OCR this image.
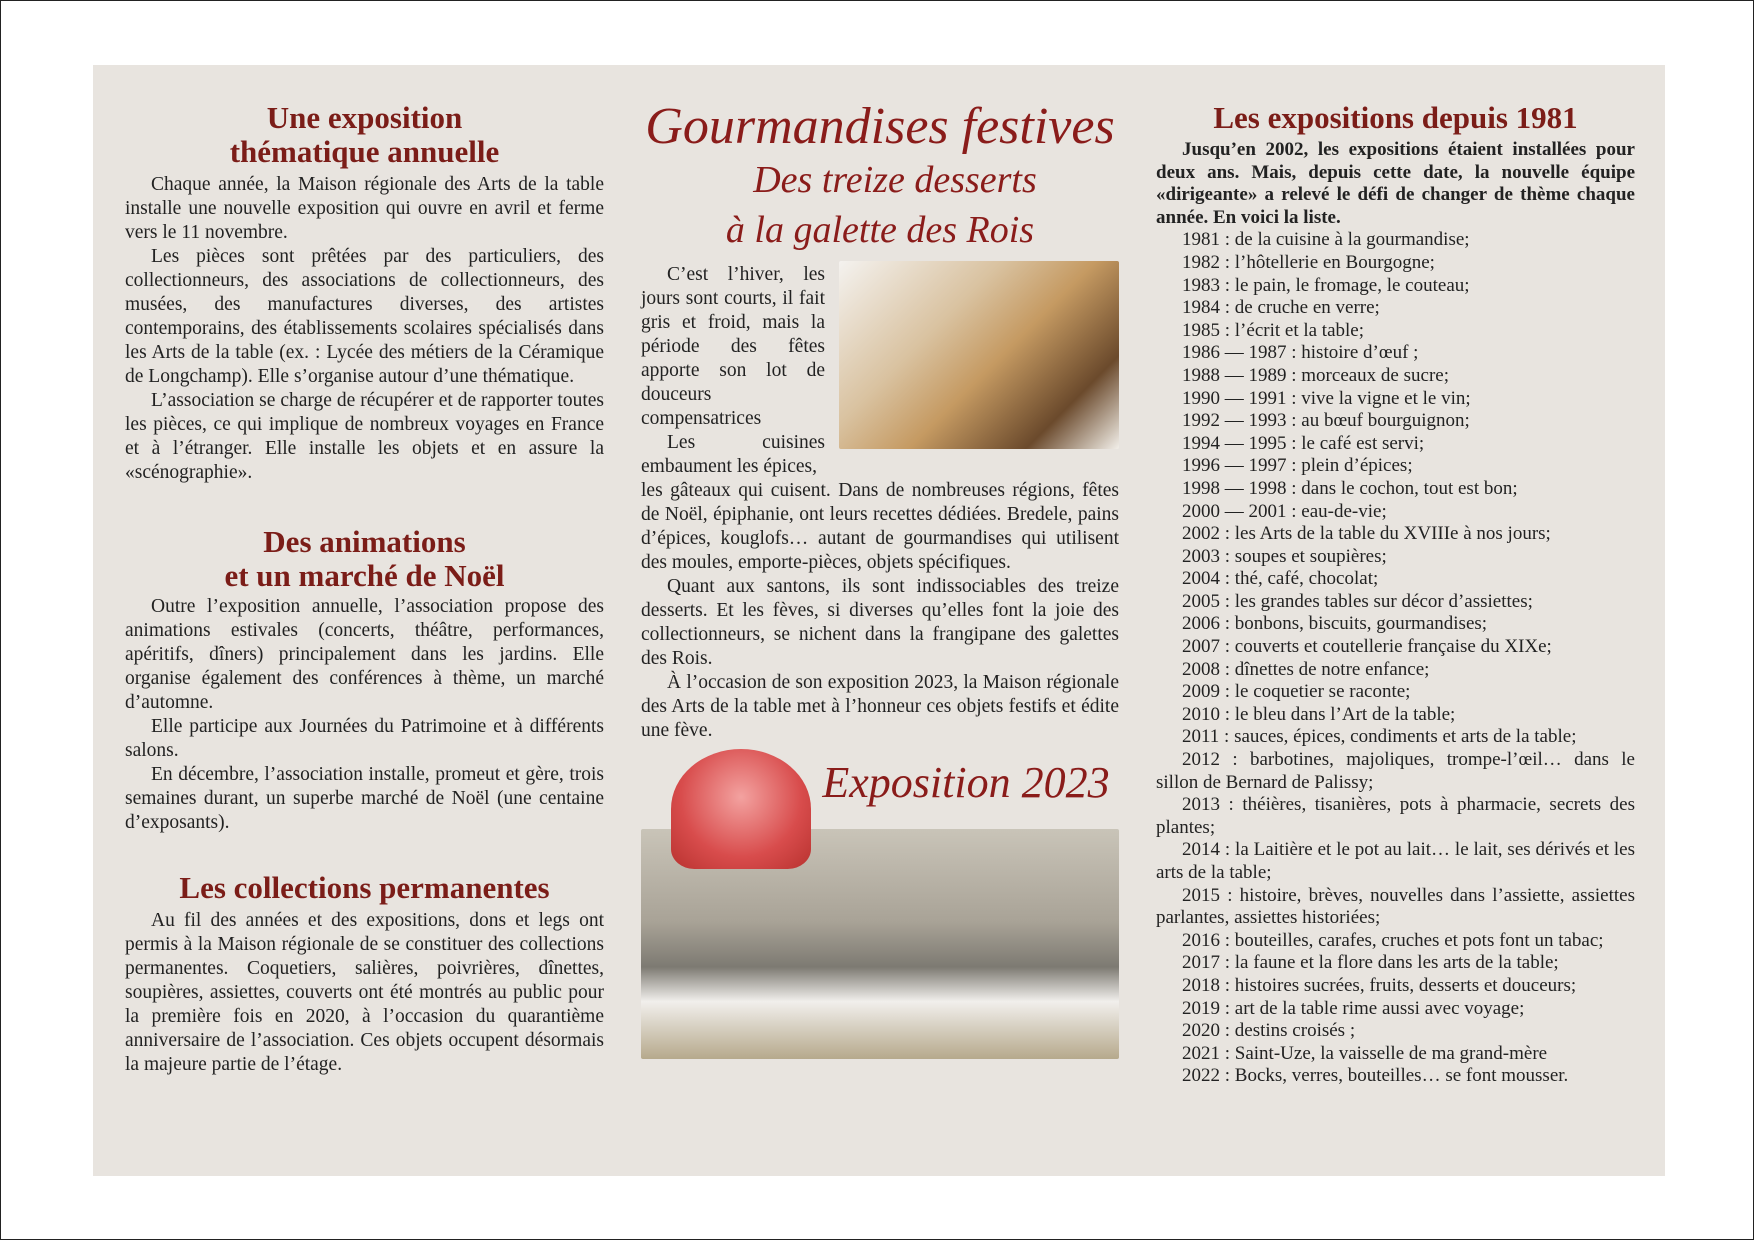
Une exposition
thématique annuelle

Chaque année, la Maison régionale des Arts de la table installe une nouvelle exposition qui ouvre en avril et ferme vers le 11 novembre.

Les pièces sont prêtées par des particuliers, des collectionneurs, des associations de collectionneurs, des musées, des manufactures diverses, des artistes contemporains, des établissements scolaires spécialisés dans les Arts de la table (ex. : Lycée des métiers de la Céramique de Longchamp). Elle s’organise autour d’une thématique.

L’association se charge de récupérer et de rapporter toutes les pièces, ce qui implique de nombreux voyages en France et à l’étranger. Elle installe les objets et en assure la «scénographie».

Des animations
et un marché de Noël

Outre l’exposition annuelle, l’association propose des animations estivales (concerts, théâtre, performances, apéritifs, dîners) principalement dans les jardins. Elle organise également des conférences à thème, un marché d’automne.

Elle participe aux Journées du Patrimoine et à différents salons.

En décembre, l’association installe, promeut et gère, trois semaines durant, un superbe marché de Noël (une centaine d’exposants).

Les collections permanentes

Au fil des années et des expositions, dons et legs ont permis à la Maison régionale de se constituer des collections permanentes. Coquetiers, salières, poivrières, dînettes, soupières, assiettes, couverts ont été montrés au public pour la première fois en 2020, à l’occasion du quarantième anniversaire de l’association. Ces objets occupent désormais la majeure partie de l’étage.

Gourmandises festives
Des treize desserts
à la galette des Rois

C’est l’hiver, les jours sont courts, il fait gris et froid, mais la période des fêtes apporte son lot de douceurs compensatrices

Les cuisines embaument les épices,

les gâteaux qui cuisent. Dans de nombreuses régions, fêtes de Noël, épiphanie, ont leurs recettes dédiées. Bredele, pains d’épices, kouglofs… autant de gourmandises qui utilisent des moules, emporte-pièces, objets spécifiques.

Quant aux santons, ils sont indissociables des treize desserts. Et les fèves, si diverses qu’elles font la joie des collectionneurs, se nichent dans la frangipane des galettes des Rois.

À l’occasion de son exposition 2023, la Maison régionale des Arts de la table met à l’honneur ces objets festifs et édite une fève.

Exposition 2023
Les expositions depuis 1981

Jusqu’en 2002, les expositions étaient installées pour deux ans. Mais, depuis cette date, la nouvelle équipe «dirigeante» a relevé le défi de changer de thème chaque année. En voici la liste.

1981 : de la cuisine à la gourmandise;
1982 : l’hôtellerie en Bourgogne;
1983 : le pain, le fromage, le couteau;
1984 : de cruche en verre;
1985 : l’écrit et la table;
1986 — 1987 : histoire d’œuf ;
1988 — 1989 : morceaux de sucre;
1990 — 1991 : vive la vigne et le vin;
1992 — 1993 : au bœuf bourguignon;
1994 — 1995 : le café est servi;
1996 — 1997 : plein d’épices;
1998 — 1998 : dans le cochon, tout est bon;
2000 — 2001 : eau-de-vie;
2002 : les Arts de la table du XVIIIe à nos jours;
2003 : soupes et soupières;
2004 : thé, café, chocolat;
2005 : les grandes tables sur décor d’assiettes;
2006 : bonbons, biscuits, gourmandises;
2007 : couverts et coutellerie française du XIXe;
2008 : dînettes de notre enfance;
2009 : le coquetier se raconte;
2010 : le bleu dans l’Art de la table;
2011 : sauces, épices, condiments et arts de la table;
2012 : barbotines, majoliques, trompe-l’œil… dans le sillon de Bernard de Palissy;
2013 : théières, tisanières, pots à pharmacie, secrets des plantes;
2014 : la Laitière et le pot au lait… le lait, ses dérivés et les arts de la table;
2015 : histoire, brèves, nouvelles dans l’assiette, assiettes parlantes, assiettes historiées;
2016 : bouteilles, carafes, cruches et pots font un tabac;
2017 : la faune et la flore dans les arts de la table;
2018 : histoires sucrées, fruits, desserts et douceurs;
2019 : art de la table rime aussi avec voyage;
2020 : destins croisés ;
2021 : Saint-Uze, la vaisselle de ma grand-mère
2022 : Bocks, verres, bouteilles… se font mousser.
